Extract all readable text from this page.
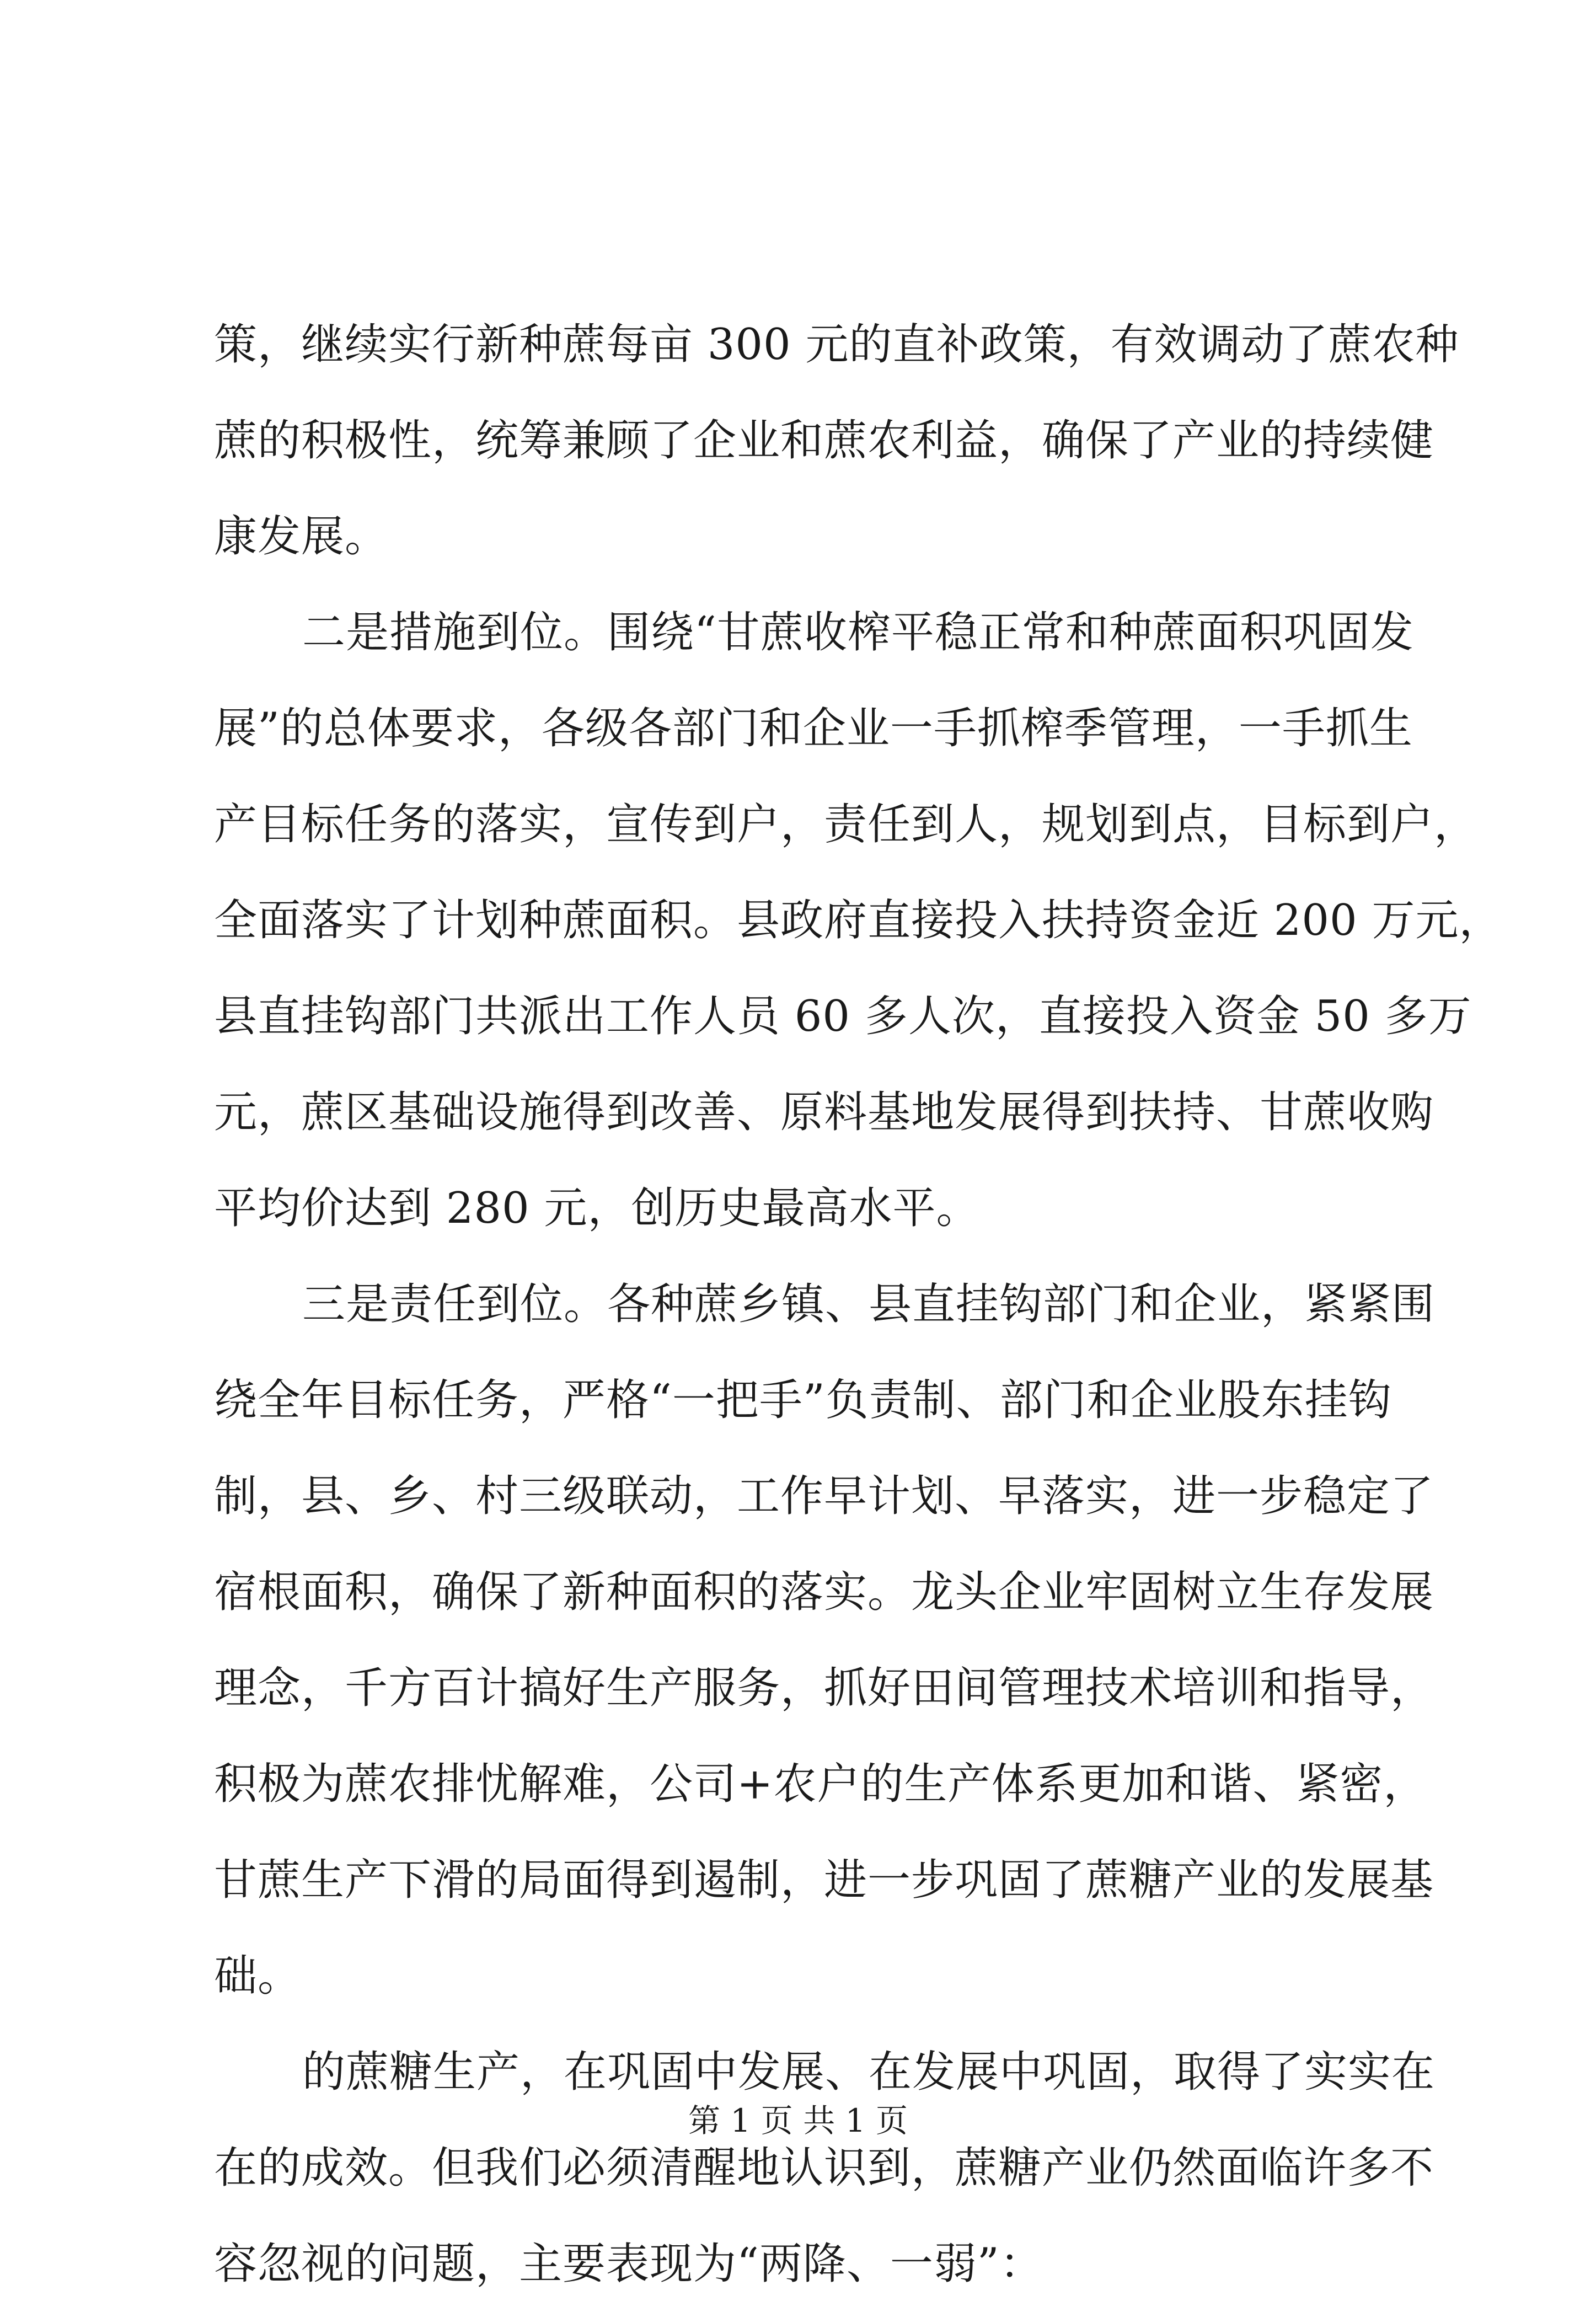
策，继续实行新种蔗每亩 300 元的直补政策，有效调动了蔗农种
蔗的积极性，统筹兼顾了企业和蔗农利益，确保了产业的持续健
康发展。
二是措施到位。围绕“甘蔗收榨平稳正常和种蔗面积巩固发
展”的总体要求，各级各部门和企业一手抓榨季管理，一手抓生
产目标任务的落实，宣传到户，责任到人，规划到点，目标到户，
全面落实了计划种蔗面积。县政府直接投入扶持资金近 200 万元，
县直挂钩部门共派出工作人员 60 多人次，直接投入资金 50 多万
元，蔗区基础设施得到改善、原料基地发展得到扶持、甘蔗收购
平均价达到 280 元，创历史最高水平。
三是责任到位。各种蔗乡镇、县直挂钩部门和企业，紧紧围
绕全年目标任务，严格“一把手”负责制、部门和企业股东挂钩
制，县、乡、村三级联动，工作早计划、早落实，进一步稳定了
宿根面积，确保了新种面积的落实。龙头企业牢固树立生存发展
理念，千方百计搞好生产服务，抓好田间管理技术培训和指导，
积极为蔗农排忧解难，公司+农户的生产体系更加和谐、紧密，
甘蔗生产下滑的局面得到遏制，进一步巩固了蔗糖产业的发展基
础。
的蔗糖生产，在巩固中发展、在发展中巩固，取得了实实在
在的成效。但我们必须清醒地认识到，蔗糖产业仍然面临许多不
容忽视的问题，主要表现为“两降、一弱”：
第 1 页 共 1 页
